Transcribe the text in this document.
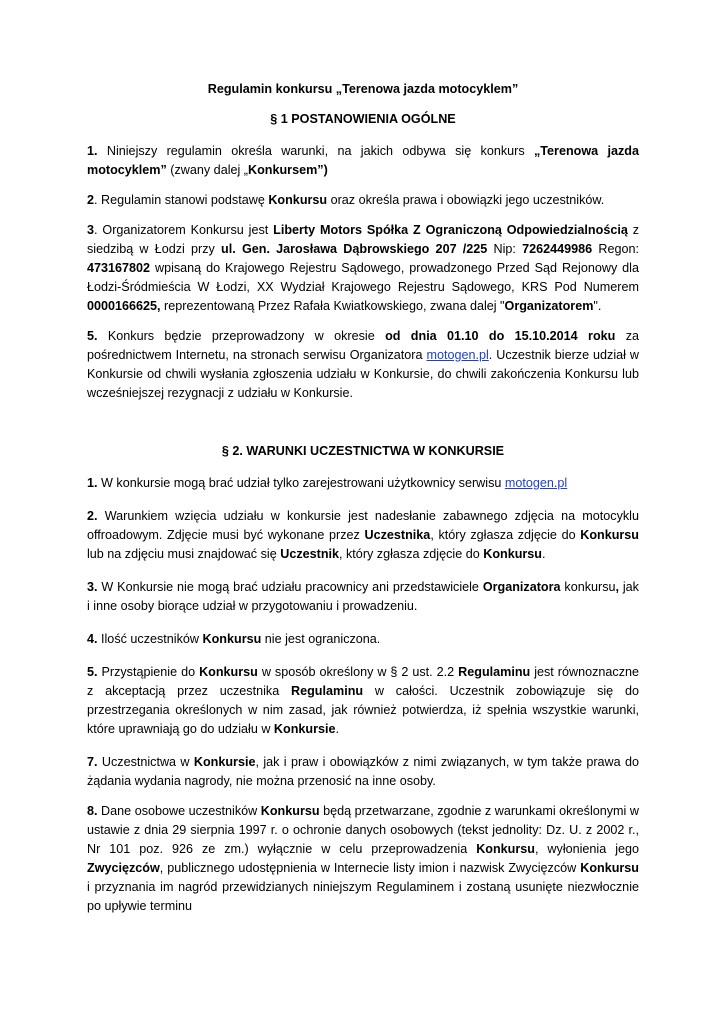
Regulamin konkursu „Terenowa jazda motocyklem”

§ 1 POSTANOWIENIA OGÓLNE

1. Niniejszy regulamin określa warunki, na jakich odbywa się konkurs „Terenowa jazda motocyklem” (zwany dalej „Konkursem”)

2. Regulamin stanowi podstawę Konkursu oraz określa prawa i obowiązki jego uczestników.

3. Organizatorem Konkursu jest Liberty Motors Spółka Z Ograniczoną Odpowiedzialnością z siedzibą w Łodzi przy ul. Gen. Jarosława Dąbrowskiego 207 /225 Nip: 7262449986 Regon: 473167802 wpisaną do Krajowego Rejestru Sądowego, prowadzonego Przed Sąd Rejonowy dla Łodzi-Śródmieścia W Łodzi, XX Wydział Krajowego Rejestru Sądowego, KRS Pod Numerem 0000166625, reprezentowaną Przez Rafała Kwiatkowskiego, zwana dalej "Organizatorem".

5. Konkurs będzie przeprowadzony w okresie od dnia 01.10 do 15.10.2014 roku za pośrednictwem Internetu, na stronach serwisu Organizatora motogen.pl. Uczestnik bierze udział w Konkursie od chwili wysłania zgłoszenia udziału w Konkursie, do chwili zakończenia Konkursu lub wcześniejszej rezygnacji z udziału w Konkursie.

§ 2. WARUNKI UCZESTNICTWA W KONKURSIE

1. W konkursie mogą brać udział tylko zarejestrowani użytkownicy serwisu motogen.pl

2. Warunkiem wzięcia udziału w konkursie jest nadesłanie zabawnego zdjęcia na motocyklu offroadowym. Zdjęcie musi być wykonane przez Uczestnika, który zgłasza zdjęcie do Konkursu lub na zdjęciu musi znajdować się Uczestnik, który zgłasza zdjęcie do Konkursu.

3. W Konkursie nie mogą brać udziału pracownicy ani przedstawiciele Organizatora konkursu, jak i inne osoby biorące udział w przygotowaniu i prowadzeniu.

4. Ilość uczestników Konkursu nie jest ograniczona.

5. Przystąpienie do Konkursu w sposób określony w § 2 ust. 2.2 Regulaminu jest równoznaczne z akceptacją przez uczestnika Regulaminu w całości. Uczestnik zobowiązuje się do przestrzegania określonych w nim zasad, jak również potwierdza, iż spełnia wszystkie warunki, które uprawniają go do udziału w Konkursie.

7. Uczestnictwa w Konkursie, jak i praw i obowiązków z nimi związanych, w tym także prawa do żądania wydania nagrody, nie można przenosić na inne osoby.

8. Dane osobowe uczestników Konkursu będą przetwarzane, zgodnie z warunkami określonymi w ustawie z dnia 29 sierpnia 1997 r. o ochronie danych osobowych (tekst jednolity: Dz. U. z 2002 r., Nr 101 poz. 926 ze zm.) wyłącznie w celu przeprowadzenia Konkursu, wyłonienia jego Zwycięzców, publicznego udostępnienia w Internecie listy imion i nazwisk Zwycięzców Konkursu i przyznania im nagród przewidzianych niniejszym Regulaminem i zostaną usunięte niezwłocznie po upływie terminu
